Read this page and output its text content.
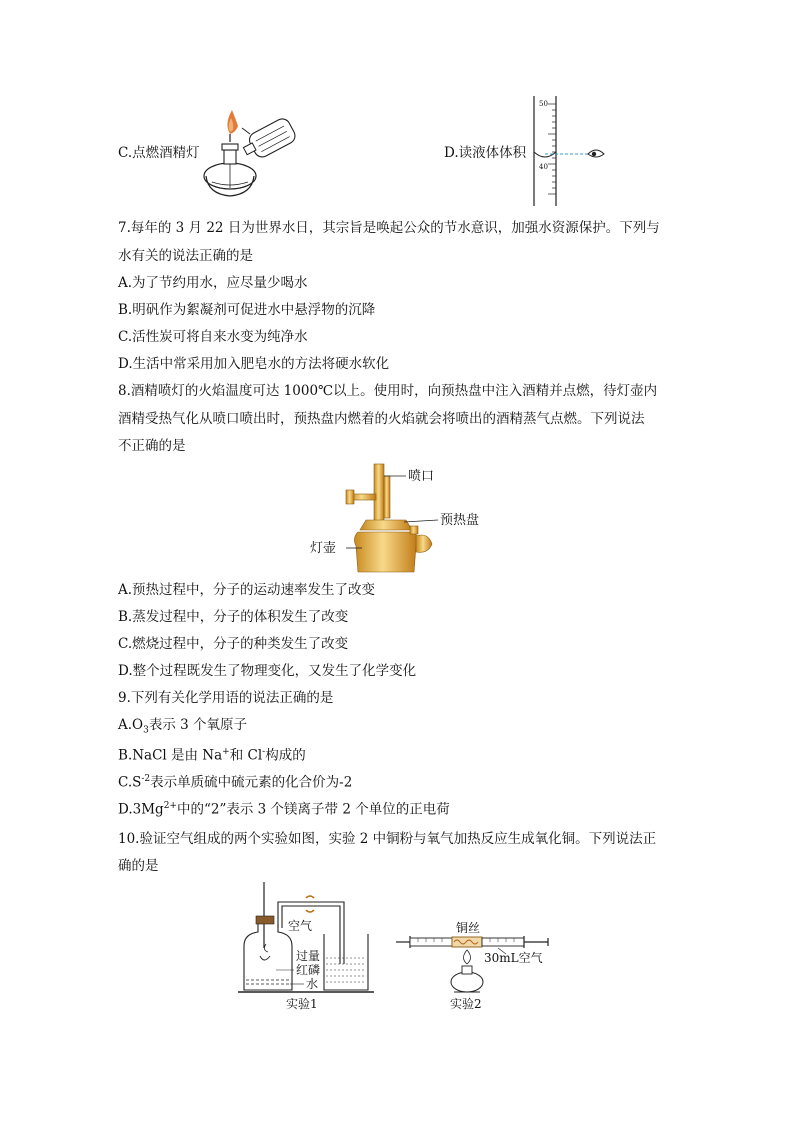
C.点燃酒精灯	D.读液体体积
50
40
7.每年的 3 月 22 日为世界水日，其宗旨是唤起公众的节水意识，加强水资源保护。下列与
水有关的说法正确的是
A.为了节约用水，应尽量少喝水
B.明矾作为絮凝剂可促进水中悬浮物的沉降
C.活性炭可将自来水变为纯净水
D.生活中常采用加入肥皂水的方法将硬水软化
8.酒精喷灯的火焰温度可达 1000℃以上。使用时，向预热盘中注入酒精并点燃，待灯壶内
酒精受热气化从喷口喷出时，预热盘内燃着的火焰就会将喷出的酒精蒸气点燃。下列说法
不正确的是
喷口
预热盘
灯壶
A.预热过程中，分子的运动速率发生了改变
B.蒸发过程中，分子的体积发生了改变
C.燃烧过程中，分子的种类发生了改变
D.整个过程既发生了物理变化，又发生了化学变化
9.下列有关化学用语的说法正确的是
$A.O_3$表示 3 个氧原子
B.NaCl 是由 Na+和 Cl-构成的
$C.S^{-2}$表示单质硫中硫元素的化合价为-2
$D.3Mg^{2+}$中的“2”表示 3 个镁离子带 2 个单位的正电荷
10.验证空气组成的两个实验如图，实验 2 中铜粉与氧气加热反应生成氧化铜。下列说法正
确的是
空气
过量
红磷
水
实验1
铜丝
30mL空气
实验2
